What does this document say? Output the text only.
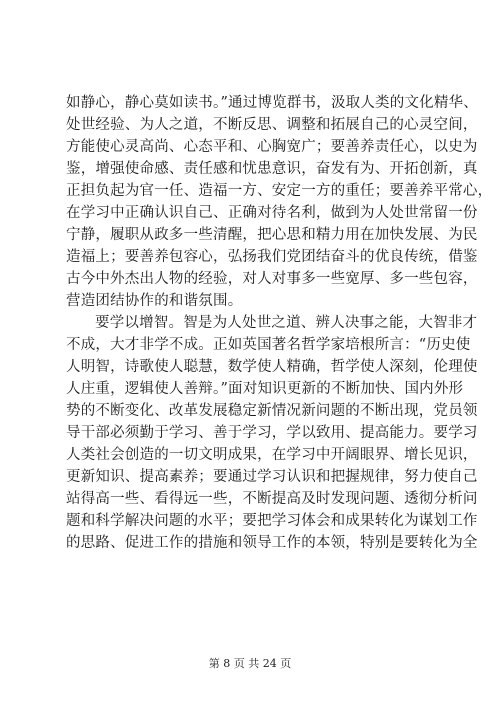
如静心，静心莫如读书。”通过博览群书，汲取人类的文化精华、
处世经验、为人之道，不断反思、调整和拓展自己的心灵空间，
方能使心灵高尚、心态平和、心胸宽广；要善养责任心，以史为
鉴，增强使命感、责任感和忧患意识，奋发有为、开拓创新，真
正担负起为官一任、造福一方、安定一方的重任；要善养平常心，
在学习中正确认识自己、正确对待名利，做到为人处世常留一份
宁静，履职从政多一些清醒，把心思和精力用在加快发展、为民
造福上；要善养包容心，弘扬我们党团结奋斗的优良传统，借鉴
古今中外杰出人物的经验，对人对事多一些宽厚、多一些包容，
营造团结协作的和谐氛围。
要学以增智。智是为人处世之道、辨人决事之能，大智非才
不成，大才非学不成。正如英国著名哲学家培根所言：“历史使
人明智，诗歌使人聪慧，数学使人精确，哲学使人深刻，伦理使
人庄重，逻辑使人善辩。”面对知识更新的不断加快、国内外形
势的不断变化、改革发展稳定新情况新问题的不断出现，党员领
导干部必须勤于学习、善于学习，学以致用、提高能力。要学习
人类社会创造的一切文明成果，在学习中开阔眼界、增长见识，
更新知识、提高素养；要通过学习认识和把握规律，努力使自己
站得高一些、看得远一些，不断提高及时发现问题、透彻分析问
题和科学解决问题的水平；要把学习体会和成果转化为谋划工作
的思路、促进工作的措施和领导工作的本领，特别是要转化为全
第 8 页 共 24 页
